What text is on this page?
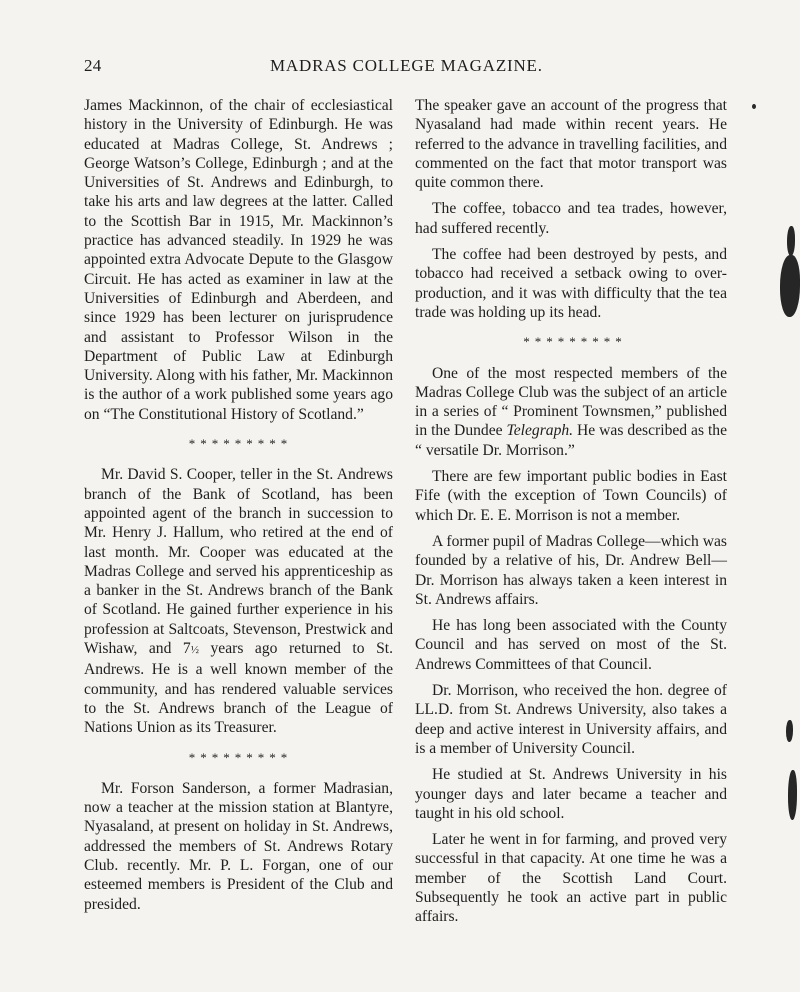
24	MADRAS COLLEGE MAGAZINE.

James Mackinnon, of the chair of ecclesiastical history in the University of Edinburgh. He was educated at Madras College, St. Andrews ; George Watson’s College, Edinburgh ; and at the Universities of St. Andrews and Edinburgh, to take his arts and law degrees at the latter. Called to the Scottish Bar in 1915, Mr. Mackinnon’s practice has advanced steadily. In 1929 he was appointed extra Advocate Depute to the Glasgow Circuit. He has acted as examiner in law at the Universities of Edinburgh and Aberdeen, and since 1929 has been lecturer on jurisprudence and assistant to Professor Wilson in the Department of Public Law at Edinburgh University. Along with his father, Mr. Mackinnon is the author of a work published some years ago on “The Constitutional History of Scotland.”

*********

Mr. David S. Cooper, teller in the St. Andrews branch of the Bank of Scotland, has been appointed agent of the branch in succession to Mr. Henry J. Hallum, who retired at the end of last month. Mr. Cooper was educated at the Madras College and served his apprenticeship as a banker in the St. Andrews branch of the Bank of Scotland. He gained further experience in his profession at Saltcoats, Stevenson, Prestwick and Wishaw, and 7½ years ago returned to St. Andrews. He is a well known member of the community, and has rendered valuable services to the St. Andrews branch of the League of Nations Union as its Treasurer.

*********

Mr. Forson Sanderson, a former Madrasian, now a teacher at the mission station at Blantyre, Nyasaland, at present on holiday in St. Andrews, addressed the members of St. Andrews Rotary Club. recently. Mr. P. L. Forgan, one of our esteemed members is President of the Club and presided.

The speaker gave an account of the progress that Nyasaland had made within recent years. He referred to the advance in travelling facilities, and commented on the fact that motor transport was quite common there.

The coffee, tobacco and tea trades, however, had suffered recently.

The coffee had been destroyed by pests, and tobacco had received a setback owing to over-production, and it was with difficulty that the tea trade was holding up its head.

*********

One of the most respected members of the Madras College Club was the subject of an article in a series of “ Prominent Townsmen,” published in the Dundee Telegraph. He was described as the “ versatile Dr. Morrison.”

There are few important public bodies in East Fife (with the exception of Town Councils) of which Dr. E. E. Morrison is not a member.

A former pupil of Madras College—which was founded by a relative of his, Dr. Andrew Bell—Dr. Morrison has always taken a keen interest in St. Andrews affairs.

He has long been associated with the County Council and has served on most of the St. Andrews Committees of that Council.

Dr. Morrison, who received the hon. degree of LL.D. from St. Andrews University, also takes a deep and active interest in University affairs, and is a member of University Council.

He studied at St. Andrews University in his younger days and later became a teacher and taught in his old school.

Later he went in for farming, and proved very successful in that capacity. At one time he was a member of the Scottish Land Court. Subsequently he took an active part in public affairs.
